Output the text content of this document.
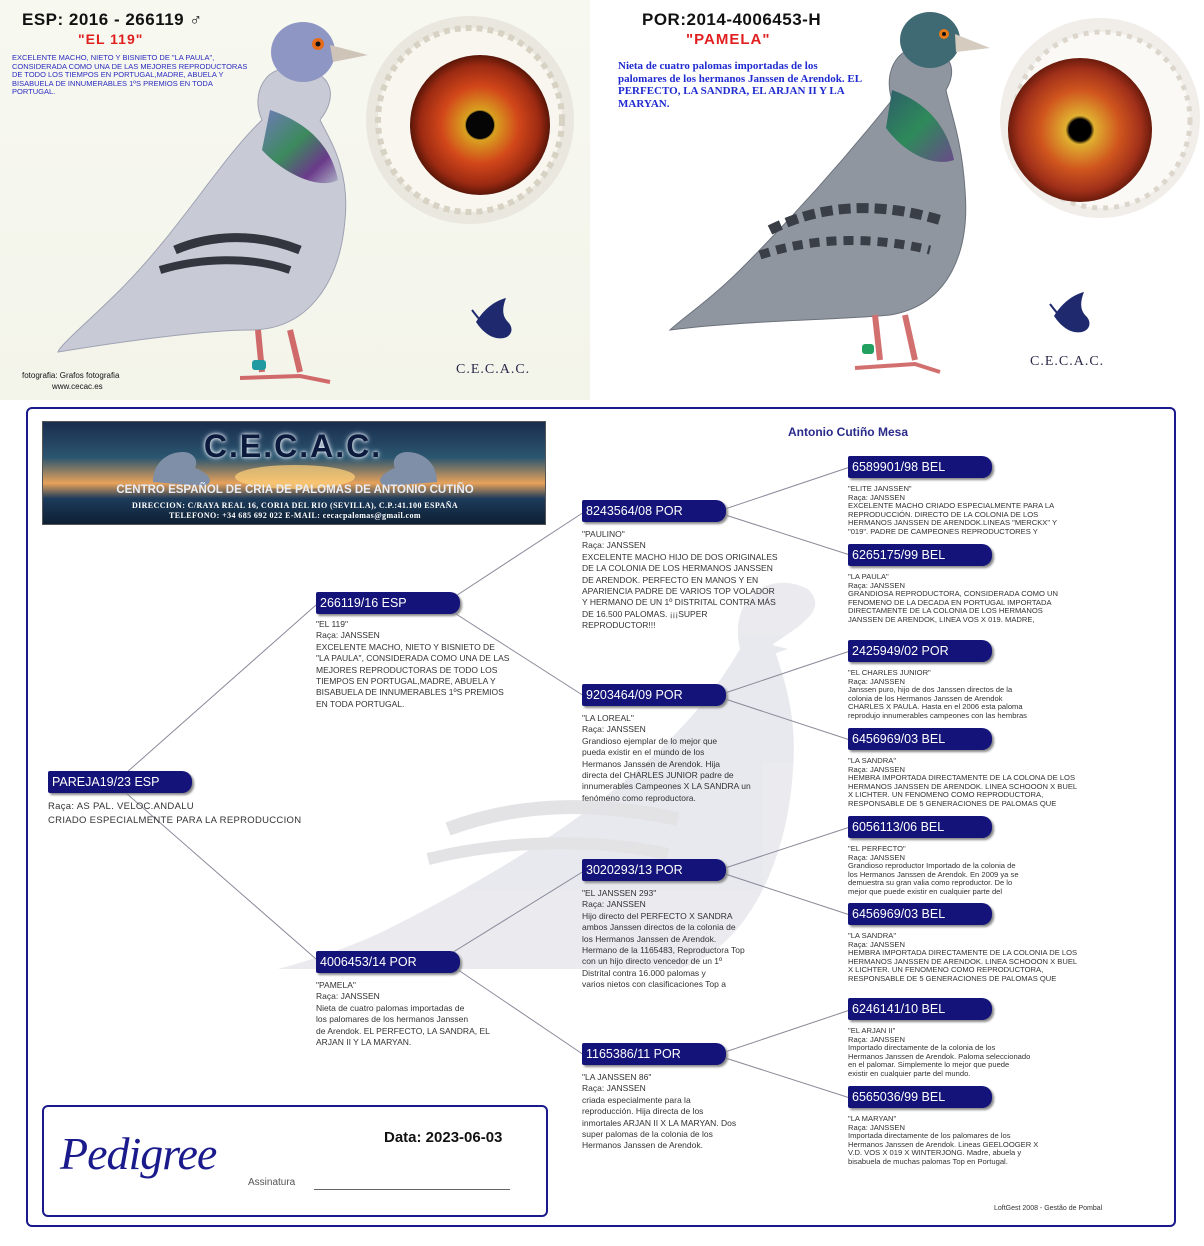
ESP: 2016 - 266119 ♂
"EL 119"
EXCELENTE MACHO, NIETO Y BISNIETO DE "LA PAULA", CONSIDERADA COMO UNA DE LAS MEJORES REPRODUCTORAS DE TODO LOS TIEMPOS EN PORTUGAL,MADRE, ABUELA Y BISABUELA DE INNUMERABLES 1ºS PREMIOS EN TODA PORTUGAL.
fotografia: Grafos fotografia
www.cecac.es
C.E.C.A.C.
POR:2014-4006453-H
"PAMELA"
Nieta de cuatro palomas importadas de los palomares de los hermanos Janssen de Arendok. EL PERFECTO, LA SANDRA, EL ARJAN II Y LA MARYAN.
C.E.C.A.C.
Antonio Cutiño Mesa
C.E.C.A.C.
CENTRO ESPAÑOL DE CRIA DE PALOMAS DE ANTONIO CUTIÑO
DIRECCION: C/RAYA REAL 16, CORIA DEL RIO (SEVILLA), C.P.:41.100 ESPAÑA
TELEFONO: +34 685 692 022 E-MAIL: cecacpalomas@gmail.com
PAREJA19/23 ESP
Raça: AS PAL. VELOC.ANDALU
CRIADO ESPECIALMENTE PARA LA REPRODUCCION
266119/16 ESP
"EL 119"
Raça: JANSSEN
EXCELENTE MACHO, NIETO Y BISNIETO DE
"LA PAULA", CONSIDERADA COMO UNA DE LAS
MEJORES REPRODUCTORAS DE TODO LOS
TIEMPOS EN PORTUGAL,MADRE, ABUELA Y
BISABUELA DE INNUMERABLES 1ºS PREMIOS
EN TODA PORTUGAL.
4006453/14 POR
"PAMELA"
Raça: JANSSEN
Nieta de cuatro palomas importadas de
los palomares de los hermanos Janssen
de Arendok. EL PERFECTO, LA SANDRA, EL
ARJAN II Y LA MARYAN.
8243564/08 POR
"PAULINO"
Raça: JANSSEN
EXCELENTE MACHO HIJO DE DOS ORIGINALES
DE LA COLONIA DE LOS HERMANOS JANSSEN
DE ARENDOK. PERFECTO EN MANOS Y EN
APARIENCIA PADRE DE VARIOS TOP VOLADOR
Y HERMANO DE UN 1º DISTRITAL CONTRA MÁS
DE 16.500 PALOMAS. ¡¡¡SUPER
REPRODUCTOR!!!
9203464/09 POR
"LA LOREAL"
Raça: JANSSEN
Grandioso ejemplar de lo mejor que
pueda existir en el mundo de los
Hermanos Janssen de Arendok. Hija
directa del CHARLES JUNIOR padre de
innumerables Campeones X LA SANDRA un
fenómeno como reproductora.
3020293/13 POR
"EL JANSSEN 293"
Raça: JANSSEN
Hijo directo del PERFECTO X SANDRA
ambos Janssen directos de la colonia de
los Hermanos Janssen de Arendok.
Hermano de la 1165483, Reproductora Top
con un hijo directo vencedor de un 1º
Distrital contra 16.000 palomas y
varios nietos con clasificaciones Top a
1165386/11 POR
"LA JANSSEN 86"
Raça: JANSSEN
criada especialmente para la
reproducción. Hija directa de los
inmortales ARJAN II X LA MARYAN. Dos
super palomas de la colonia de los
Hermanos Janssen de Arendok.
6589901/98 BEL
"ELITE JANSSEN"
Raça: JANSSEN
EXCELENTE MACHO CRIADO ESPECIALMENTE PARA LA
REPRODUCCIÓN. DIRECTO DE LA COLONIA DE LOS
HERMANOS JANSSEN DE ARENDOK.LINEAS "MERCKX" Y
"019". PADRE DE CAMPEONES REPRODUCTORES Y
6265175/99 BEL
"LA PAULA"
Raça: JANSSEN
GRANDIOSA REPRODUCTORA, CONSIDERADA COMO UN
FENOMENO DE LA DECADA EN PORTUGAL IMPORTADA
DIRECTAMENTE DE LA COLONIA DE LOS HERMANOS
JANSSEN DE ARENDOK, LINEA VOS X 019. MADRE,
2425949/02 POR
"EL CHARLES JUNIOR"
Raça: JANSSEN
Janssen puro, hijo de dos Janssen directos de la
colonia de los Hermanos Janssen de Arendok
CHARLES X PAULA. Hasta en el 2006 esta paloma
reprodujo innumerables campeones con las hembras
6456969/03 BEL
"LA SANDRA"
Raça: JANSSEN
HEMBRA IMPORTADA DIRECTAMENTE DE LA COLONA DE LOS
HERMANOS JANSSEN DE ARENDOK. LINEA SCHOOON X BUEL
X LICHTER. UN FENOMENO COMO REPRODUCTORA,
RESPONSABLE DE 5 GENERACIONES DE PALOMAS QUE
6056113/06 BEL
"EL PERFECTO"
Raça: JANSSEN
Grandioso reproductor Importado de la colonia de
los Hermanos Janssen de Arendok. En 2009 ya se
demuestra su gran valia como reproductor. De lo
mejor que puede existir en cualquier parte del
6456969/03 BEL
"LA SANDRA"
Raça: JANSSEN
HEMBRA IMPORTADA DIRECTAMENTE DE LA COLONIA DE LOS
HERMANOS JANSSEN DE ARENDOK. LINEA SCHOOON X BUEL
X LICHTER. UN FENOMENO COMO REPRODUCTORA,
RESPONSABLE DE 5 GENERACIONES DE PALOMAS QUE
6246141/10 BEL
"EL ARJAN II"
Raça: JANSSEN
Importado directamente de la colonia de los
Hermanos Janssen de Arendok. Paloma seleccionado
en el palomar. Simplemente lo mejor que puede
existir en cualquier parte del mundo.
6565036/99 BEL
"LA MARYAN"
Raça: JANSSEN
Importada directamente de los palomares de los
Hermanos Janssen de Arendok. Lineas GEELOOGER X
V.D. VOS X 019 X WINTERJONG. Madre, abuela y
bisabuela de muchas palomas Top en Portugal.
Pedigree	Data: 2023-06-03
Assinatura
LoftGest 2008 - Gestão de Pombal
